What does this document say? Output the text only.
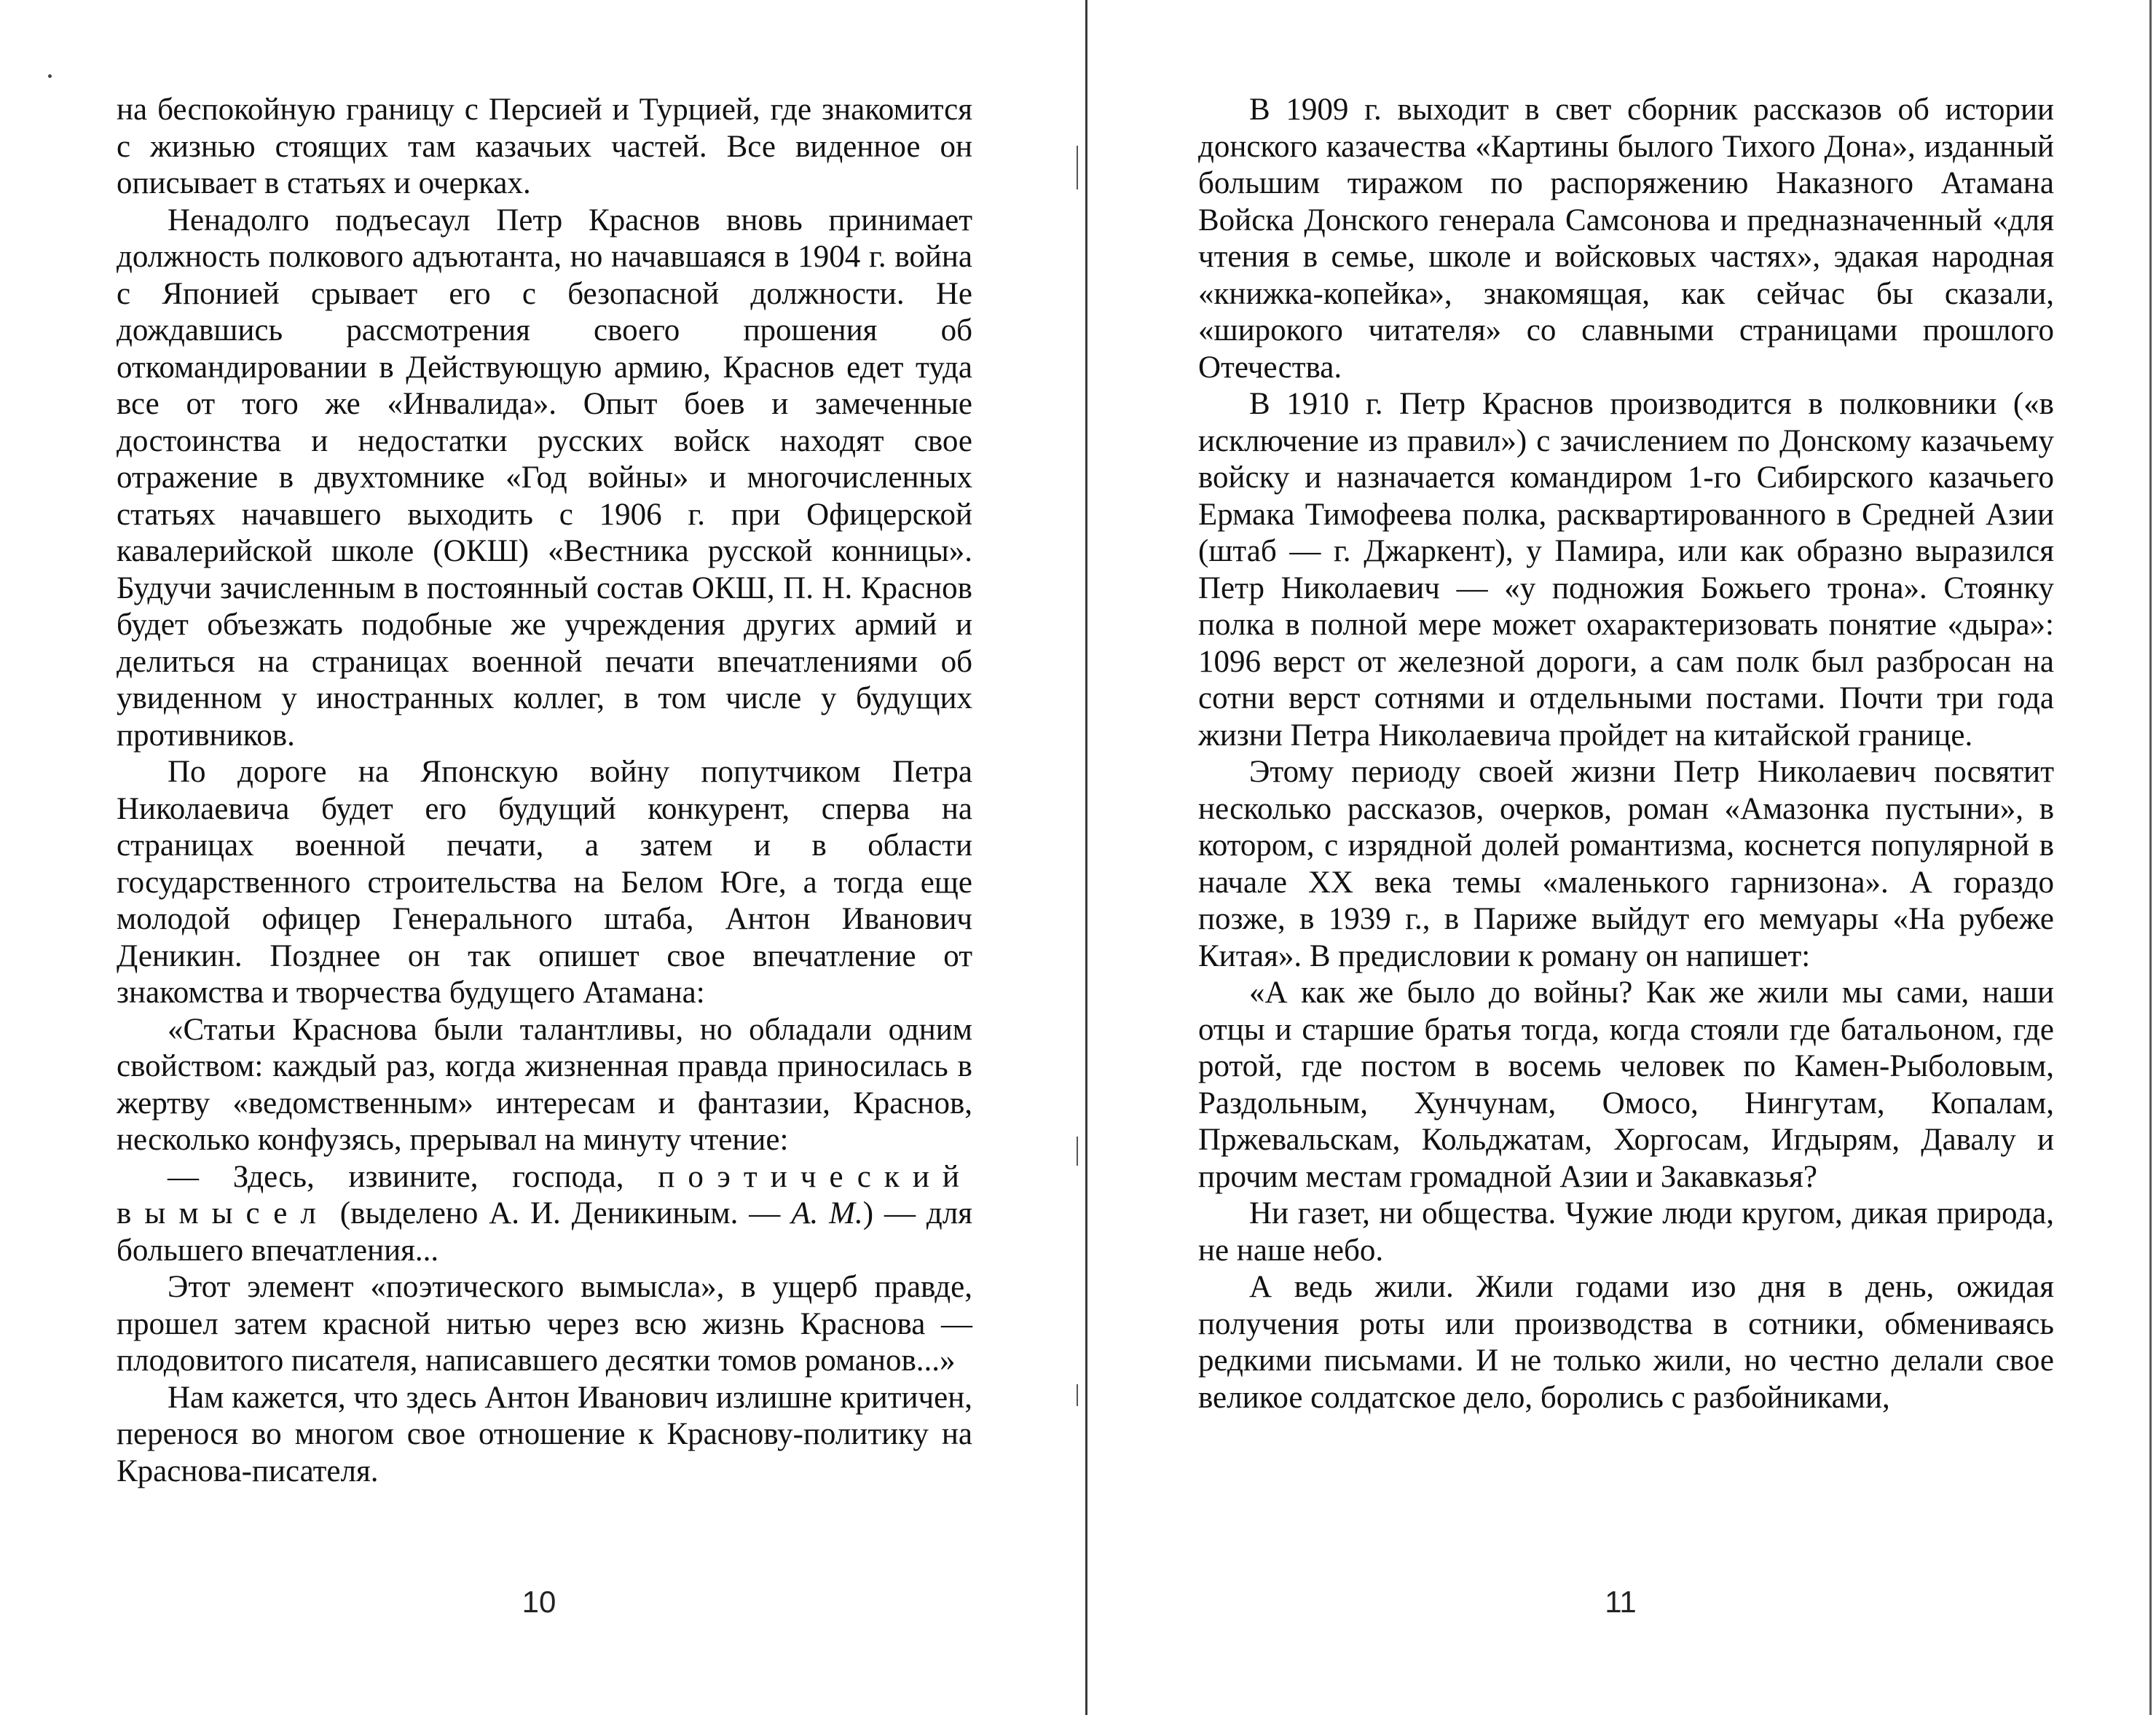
на беспокойную границу с Персией и Турцией, где знакомится с жизнью стоящих там казачьих частей. Все виденное он описывает в статьях и очерках.

Ненадолго подъесаул Петр Краснов вновь принимает должность полкового адъютанта, но начавшаяся в 1904 г. война с Японией срывает его с безопасной должности. Не дождавшись рассмотрения своего прошения об откомандировании в Действующую армию, Краснов едет туда все от того же «Инвалида». Опыт боев и замеченные достоинства и недостатки русских войск находят свое отражение в двухтомнике «Год войны» и многочисленных статьях начавшего выходить с 1906 г. при Офицерской кавалерийской школе (ОКШ) «Вестника русской конницы». Будучи зачисленным в постоянный состав ОКШ, П. Н. Краснов будет объезжать подобные же учреждения других армий и делиться на страницах военной печати впечатлениями об увиденном у иностранных коллег, в том числе у будущих противников.

По дороге на Японскую войну попутчиком Петра Николаевича будет его будущий конкурент, сперва на страницах военной печати, а затем и в области государственного строительства на Белом Юге, а тогда еще молодой офицер Генерального штаба, Антон Иванович Деникин. Позднее он так опишет свое впечатление от знакомства и творчества будущего Атамана:

«Статьи Краснова были талантливы, но обладали одним свойством: каждый раз, когда жизненная правда приносилась в жертву «ведомственным» интересам и фантазии, Краснов, несколько конфузясь, прерывал на минуту чтение:

— Здесь, извините, господа, поэтический вымысел (выделено А. И. Деникиным. — А. М.) — для большего впечатления...

Этот элемент «поэтического вымысла», в ущерб правде, прошел затем красной нитью через всю жизнь Краснова — плодовитого писателя, написавшего десятки томов романов...»

Нам кажется, что здесь Антон Иванович излишне критичен, перенося во многом свое отношение к Краснову-политику на Краснова-писателя.

10

В 1909 г. выходит в свет сборник рассказов об истории донского казачества «Картины былого Тихого Дона», изданный большим тиражом по распоряжению Наказного Атамана Войска Донского генерала Самсонова и предназначенный «для чтения в семье, школе и войсковых частях», эдакая народная «книжка-копейка», знакомящая, как сейчас бы сказали, «широкого читателя» со славными страницами прошлого Отечества.

В 1910 г. Петр Краснов производится в полковники («в исключение из правил») с зачислением по Донскому казачьему войску и назначается командиром 1-го Сибирского казачьего Ермака Тимофеева полка, расквартированного в Средней Азии (штаб — г. Джаркент), у Памира, или как образно выразился Петр Николаевич — «у подножия Божьего трона». Стоянку полка в полной мере может охарактеризовать понятие «дыра»: 1096 верст от железной дороги, а сам полк был разбросан на сотни верст сотнями и отдельными постами. Почти три года жизни Петра Николаевича пройдет на китайской границе.

Этому периоду своей жизни Петр Николаевич посвятит несколько рассказов, очерков, роман «Амазонка пустыни», в котором, с изрядной долей романтизма, коснется популярной в начале XX века темы «маленького гарнизона». А гораздо позже, в 1939 г., в Париже выйдут его мемуары «На рубеже Китая». В предисловии к роману он напишет:

«А как же было до войны? Как же жили мы сами, наши отцы и старшие братья тогда, когда стояли где батальоном, где ротой, где постом в восемь человек по Камен-Рыболовым, Раздольным, Хунчунам, Омосо, Нингутам, Копалам, Пржевальскам, Кольджатам, Хоргосам, Игдырям, Давалу и прочим местам громадной Азии и Закавказья?

Ни газет, ни общества. Чужие люди кругом, дикая природа, не наше небо.

А ведь жили. Жили годами изо дня в день, ожидая получения роты или производства в сотники, обмениваясь редкими письмами. И не только жили, но честно делали свое великое солдатское дело, боролись с разбойниками,

11
